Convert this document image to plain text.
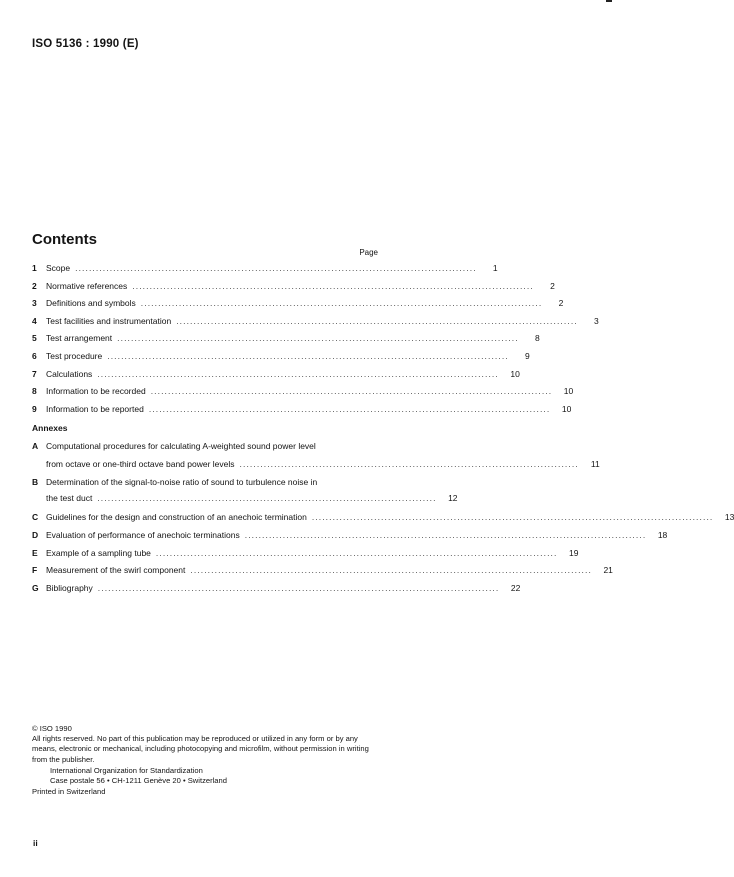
ISO 5136 : 1990 (E)
Contents
Page
1	Scope ....................................................................................................................	1
2	Normative references ....................................................................................................................	2
3	Definitions and symbols ....................................................................................................................	2
4	Test facilities and instrumentation ....................................................................................................................	3
5	Test arrangement ....................................................................................................................	8
6	Test procedure ....................................................................................................................	9
7	Calculations ....................................................................................................................	10
8	Information to be recorded ....................................................................................................................	10
9	Information to be reported ....................................................................................................................	10
Annexes
A Computational procedures for calculating A-weighted sound power level
from octave or one-third octave band power levels ..................................................................................................	11
B Determination of the signal-to-noise ratio of sound to turbulence noise in
the test duct ..................................................................................................	12
C Guidelines for the design and construction of an anechoic termination ....................................................................................................................	13
D Evaluation of performance of anechoic terminations ....................................................................................................................	18
E Example of a sampling tube ....................................................................................................................	19
F	Measurement of the swirl component ....................................................................................................................	21
G Bibliography ....................................................................................................................	22
© ISO 1990
All rights reserved. No part of this publication may be reproduced or utilized in any form or by any means, electronic or mechanical, including photocopying and microfilm, without permission in writing from the publisher.
International Organization for Standardization
Case postale 56 • CH-1211 Genève 20 • Switzerland
Printed in Switzerland
ii
